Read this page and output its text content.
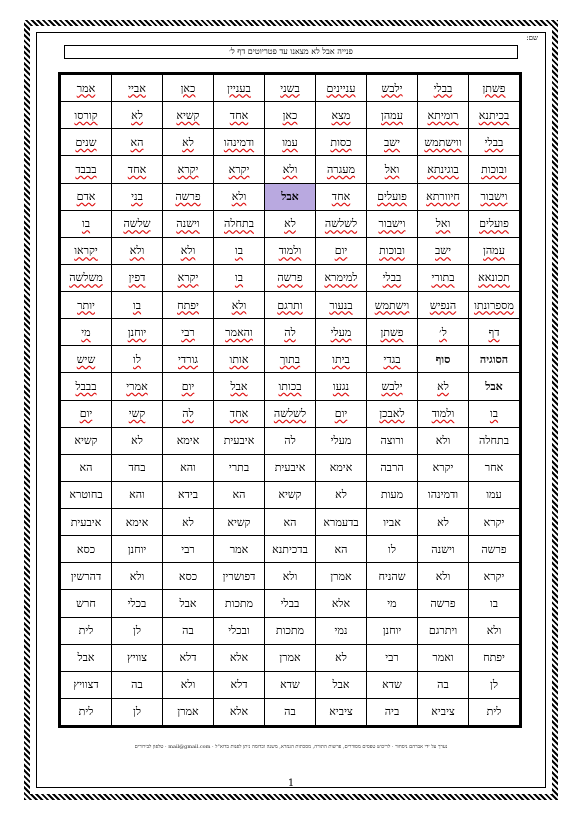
שם:
פנייה אבל לא מצאנו עד פטריוטים דף ל׳
פשתן	בבלי	ילבש	עניינים	בשני	בעניין	כאן	אביי	אמר
בכיתנא	רומיתא	עמהן	מצא	כאן	אחד	קשיא	לא	קורסו
בבלי	ווישתמש	ישב	כסות	עמו	ודמינהו	לא	הא	שנים
ובוכות	בוגינתא	ואל	מעגרה	ולא	יקרא	יקרא	אחד	בבבד
וישבור	חיוורתא	פועלים	אחד	אבל	ולא	פרשה	בני	אדם
פועלים	ואל	וישבור	לשלשה	לא	בתחלה	וישנה	שלשה	בו
עמהן	ישב	ובוכות	יום	ולמוד	בו	ולא	ולא	יקראו
תכונאא	בתורי	בבלי	למימרא	פרשה	בו	יקרא	דפין	משלשה
מספרונתו	הנפיש	וישתמש	בנעור	ותרגם	ולא	יפתח	בו	יותר
דף	ל׳	פשתן	מעלי	לה	והאמר	רבי	יוחנן	מי
הסוגיה	סוף	בגדי	ביתו	בתוך	אותו	גורדי	לו	שיש
אבל	לא	ילבש	נגעו	בכותו	אבל	יום	אמרי	בבבל
בו	ולמוד	לאבכן	יום	לשלשה	אחד	לה	קשי	יום
בתחלה	ולא	ורוצה	מעלי	לה	איבעית	אימא	לא	קשיא
אחר	יקרא	הרבה	אימא	איבעית	בתרי	והא	בחד	הא
עמו	ודמינהו	מעות	לא	קשיא	הא	בידא	והא	בחוטרא
יקרא	לא	אביו	בדעמרא	הא	קשיא	לא	אימא	איבעית
פרשה	וישנה	לו	הא	בדכיתנא	אמר	רבי	יוחנן	כסא
יקרא	ולא	שהניח	אמרן	ולא	דפושרין	כסא	ולא	דהרשין
בו	פרשה	מי	אלא	בבלי	מתכות	אבל	בכלי	חרש
ולא	ויתרגם	יוחנן	נמי	מתכות	ובכלי	בה	לן	לית
יפתח	ואמר	רבי	לא	אמרן	אלא	דלא	צוויץ	אבל
לן	בה	שדא	אבל	שדא	דלא	ולא	בה	דצוויץ
לית	ציביא	ביה	ציביא	בה	אלא	אמרן	לן	לית
נערך על ידי אברהם ניסחור · לריכוש טפסים מסודרים, פרשות התורה, מסכתות הגמרא, משנה וכדומה ניתן לפנות בדוא"ל · mail@gmail.com · טלפון לבירורים
1
